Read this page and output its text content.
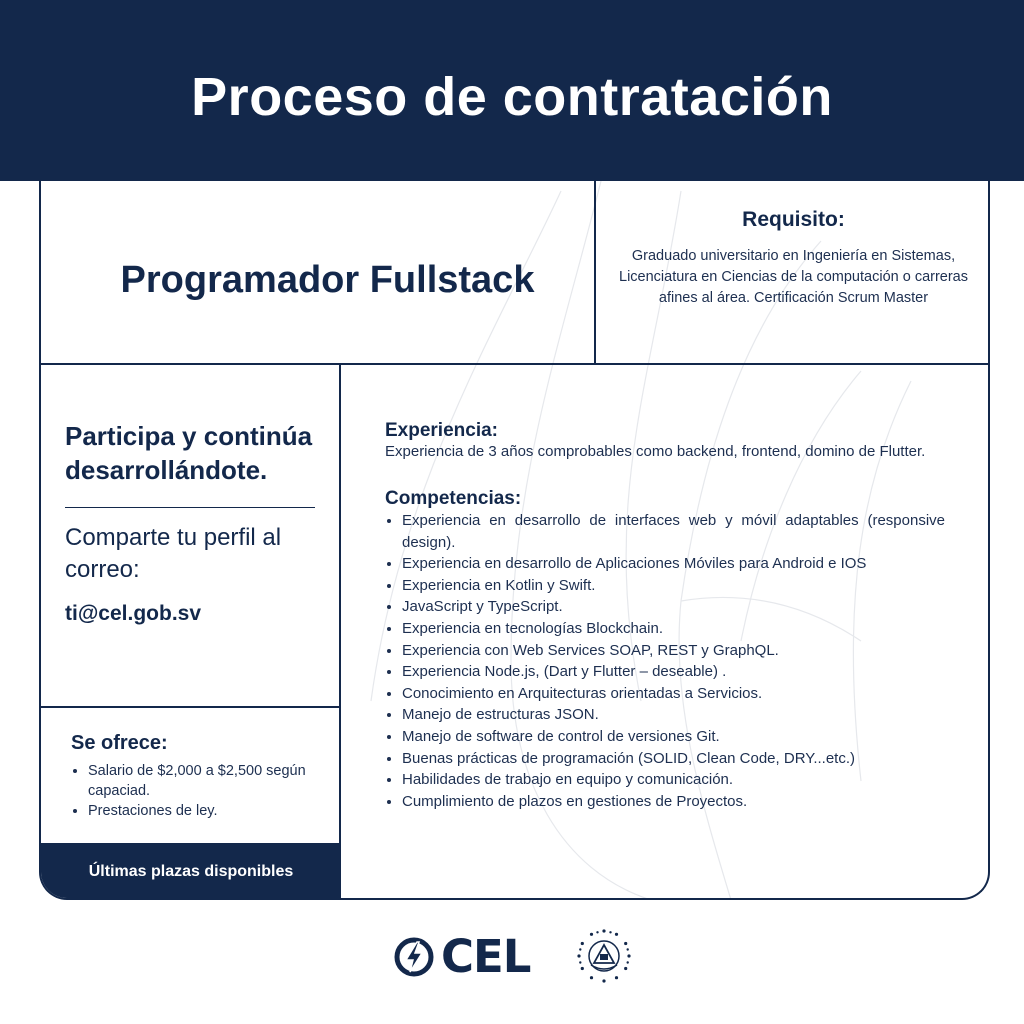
Proceso de contratación
Programador Fullstack
Requisito:

Graduado universitario en Ingeniería en Sistemas, Licenciatura en Ciencias de la computación o carreras afines al área. Certificación Scrum Master

Participa y continúa desarrollándote.

Comparte tu perfil al correo:

ti@cel.gob.sv

Se ofrece:
• Salario de $2,000 a $2,500 según capaciad.
• Prestaciones de ley.
Últimas plazas disponibles
Experiencia:

Experiencia de 3 años comprobables como backend, frontend, domino de Flutter.

Competencias:
• Experiencia en desarrollo de interfaces web y móvil adaptables (responsive design).
• Experiencia en desarrollo de Aplicaciones Móviles para Android e IOS
• Experiencia en Kotlin y Swift.
• JavaScript y TypeScript.
• Experiencia en tecnologías Blockchain.
• Experiencia con Web Services SOAP, REST y GraphQL.
• Experiencia Node.js, (Dart y Flutter – deseable) .
• Conocimiento en Arquitecturas orientadas a Servicios.
• Manejo de estructuras JSON.
• Manejo de software de control de versiones Git.
• Buenas prácticas de programación (SOLID, Clean Code, DRY...etc.)
• Habilidades de trabajo en equipo y comunicación.
• Cumplimiento de plazos en gestiones de Proyectos.
CEL
